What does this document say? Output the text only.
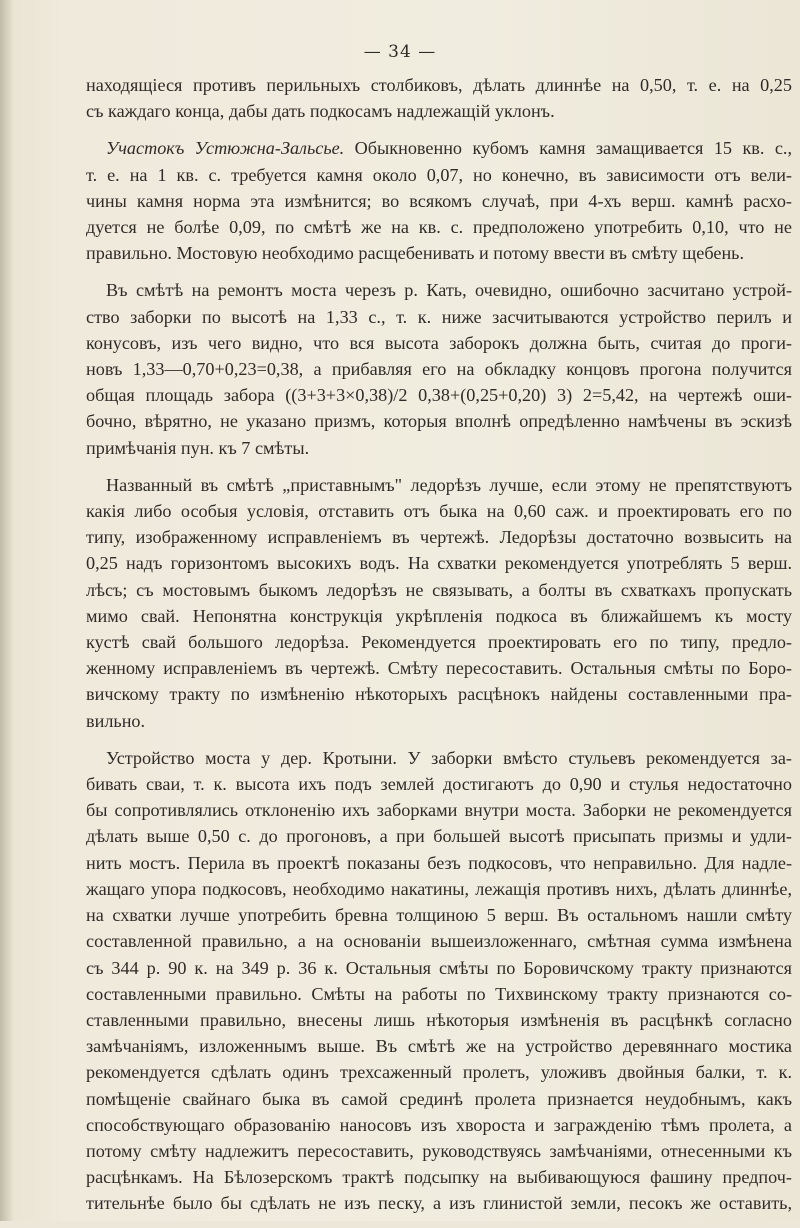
— 34 —
находящіеся противъ перильныхъ столбиковъ, дѣлать длиннѣе на 0,50, т. е. на 0,25
съ каждаго конца, дабы дать подкосамъ надлежащій уклонъ.
Участокъ Устюжна-Зальсье. Обыкновенно кубомъ камня замащивается 15 кв. с.,
т. е. на 1 кв. с. требуется камня около 0,07, но конечно, въ зависимости отъ вели-
чины камня норма эта измѣнится; во всякомъ случаѣ, при 4-хъ верш. камнѣ расхо-
дуется не болѣе 0,09, по смѣтѣ же на кв. с. предположено употребить 0,10, что не
правильно. Мостовую необходимо расщебенивать и потому ввести въ смѣту щебень.
Въ смѣтѣ на ремонтъ моста черезъ р. Кать, очевидно, ошибочно засчитано устрой-
ство заборки по высотѣ на 1,33 с., т. к. ниже засчитываются устройство перилъ и
конусовъ, изъ чего видно, что вся высота заборокъ должна быть, считая до проги-
новъ 1,33—0,70+0,23=0,38, а прибавляя его на обкладку концовъ прогона получится
общая площадь забора ((3+3+3×0,38)/2 0,38+(0,25+0,20) 3) 2=5,42, на чертежѣ оши-
бочно, вѣрятно, не указано призмъ, которыя вполнѣ опредѣленно намѣчены въ эскизѣ
примѣчанія пун. къ 7 смѣты.
Названный въ смѣтѣ „приставнымъ" ледорѣзъ лучше, если этому не препятствуютъ
какія либо особыя условія, отставить отъ быка на 0,60 саж. и проектировать его по
типу, изображенному исправленіемъ въ чертежѣ. Ледорѣзы достаточно возвысить на
0,25 надъ горизонтомъ высокихъ водъ. На схватки рекомендуется употреблять 5 верш.
лѣсъ; съ мостовымъ быкомъ ледорѣзъ не связывать, а болты въ схваткахъ пропускать
мимо свай. Непонятна конструкція укрѣпленія подкоса въ ближайшемъ къ мосту
кустѣ свай большого ледорѣза. Рекомендуется проектировать его по типу, предло-
женному исправленіемъ въ чертежѣ. Смѣту пересоставить. Остальныя смѣты по Боро-
вичскому тракту по измѣненію нѣкоторыхъ расцѣнокъ найдены составленными пра-
вильно.
Устройство моста у дер. Кротыни. У заборки вмѣсто стульевъ рекомендуется за-
бивать сваи, т. к. высота ихъ подъ землей достигаютъ до 0,90 и стулья недостаточно
бы сопротивлялись отклоненію ихъ заборками внутри моста. Заборки не рекомендуется
дѣлать выше 0,50 с. до прогоновъ, а при большей высотѣ присыпать призмы и удли-
нить мостъ. Перила въ проектѣ показаны безъ подкосовъ, что неправильно. Для надле-
жащаго упора подкосовъ, необходимо накатины, лежащія противъ нихъ, дѣлать длиннѣе,
на схватки лучше употребить бревна толщиною 5 верш. Въ остальномъ нашли смѣту
составленной правильно, а на основаніи вышеизложеннаго, смѣтная сумма измѣнена
съ 344 р. 90 к. на 349 р. 36 к. Остальныя смѣты по Боровичскому тракту признаются
составленными правильно. Смѣты на работы по Тихвинскому тракту признаются со-
ставленными правильно, внесены лишь нѣкоторыя измѣненія въ расцѣнкѣ согласно
замѣчаніямъ, изложеннымъ выше. Въ смѣтѣ же на устройство деревяннаго мостика
рекомендуется сдѣлать одинъ трехсаженный пролетъ, уложивъ двойныя балки, т. к.
помѣщеніе свайнаго быка въ самой срединѣ пролета признается неудобнымъ, какъ
способствующаго образованію наносовъ изъ хвороста и загражденію тѣмъ пролета, а
потому смѣту надлежитъ пересоставить, руководствуясь замѣчаніями, отнесенными къ
расцѣнкамъ. На Бѣлозерскомъ трактѣ подсыпку на выбивающуюся фашину предпоч-
тительнѣе было бы сдѣлать не изъ песку, а изъ глинистой земли, песокъ же оставить,
